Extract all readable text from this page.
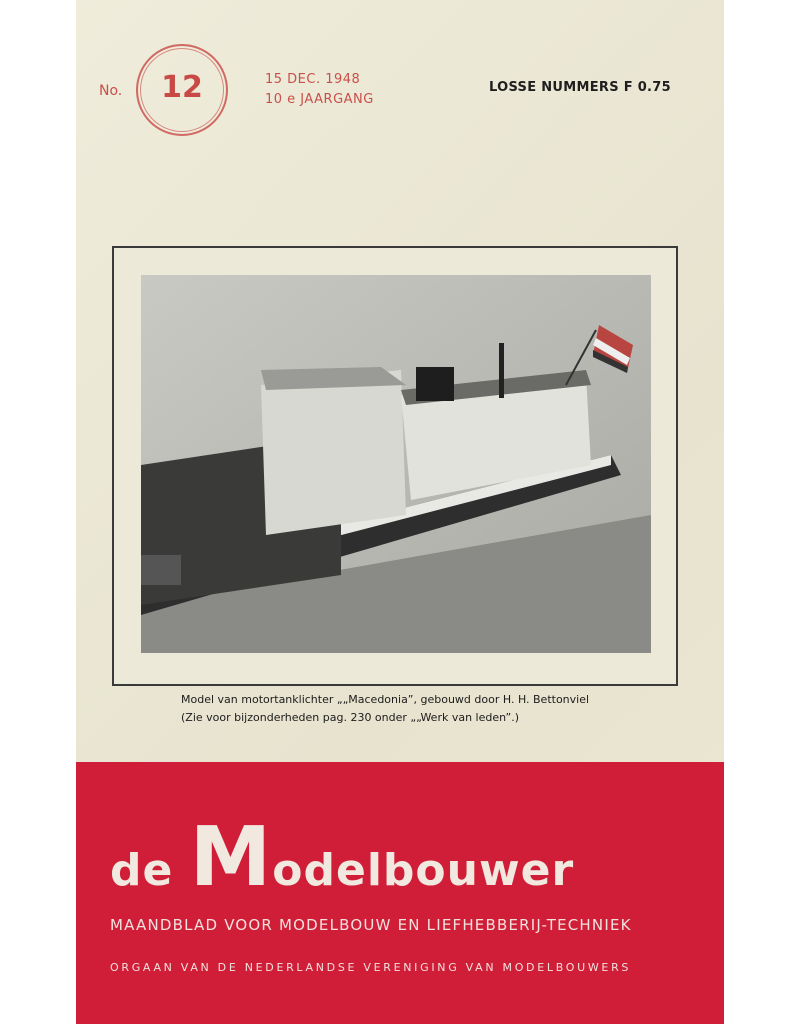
No.	12	15 DEC. 1948
10 e JAARGANG
LOSSE NUMMERS F 0.75
Model van motortanklichter „„Macedonia”, gebouwd door H. H. Bettonviel
(Zie voor bijzonderheden pag. 230 onder „„Werk van leden”.)
de Modelbouwer
MAANDBLAD VOOR MODELBOUW EN LIEFHEBBERIJ-TECHNIEK
ORGAAN VAN DE NEDERLANDSE VERENIGING VAN MODELBOUWERS
